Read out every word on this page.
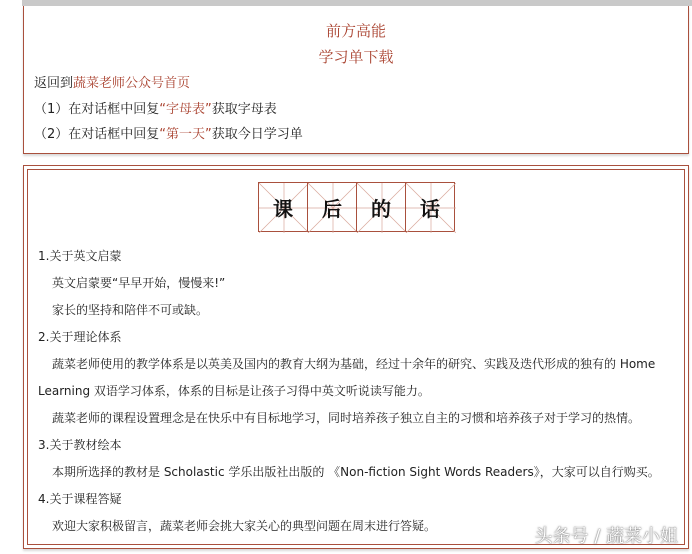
前方高能
学习单下载
返回到蔬菜老师公众号首页
（1）在对话框中回复“字母表”获取字母表
（2）在对话框中回复“第一天”获取今日学习单
课 后 的 话
1.关于英文启蒙
英文启蒙要“早早开始，慢慢来!”
家长的坚持和陪伴不可或缺。
2.关于理论体系
蔬菜老师使用的教学体系是以英美及国内的教育大纲为基础，经过十余年的研究、实践及迭代形成的独有的 Home
Learning 双语学习体系，体系的目标是让孩子习得中英文听说读写能力。
蔬菜老师的课程设置理念是在快乐中有目标地学习，同时培养孩子独立自主的习惯和培养孩子对于学习的热情。
3.关于教材绘本
本期所选择的教材是 Scholastic 学乐出版社出版的 《Non-fiction Sight Words Readers》，大家可以自行购买。
4.关于课程答疑
欢迎大家积极留言，蔬菜老师会挑大家关心的典型问题在周末进行答疑。	头条号 / 蔬菜小姐
